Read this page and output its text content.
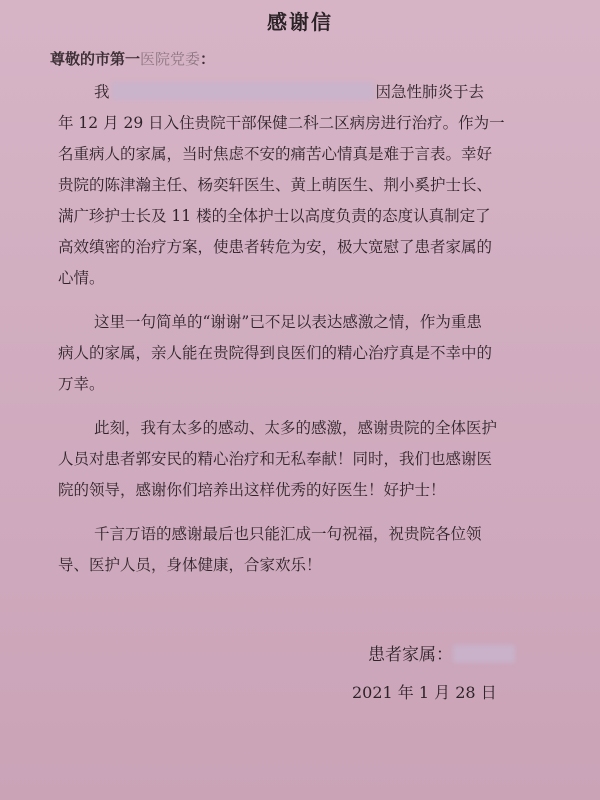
感谢信
尊敬的市第一医院党委：
我	因急性肺炎于去
年 12 月 29 日入住贵院干部保健二科二区病房进行治疗。作为一
名重病人的家属，当时焦虑不安的痛苦心情真是难于言表。幸好
贵院的陈津瀚主任、杨奕轩医生、黄上萌医生、荆小奚护士长、
满广珍护士长及 11 楼的全体护士以高度负责的态度认真制定了
高效缜密的治疗方案，使患者转危为安，极大宽慰了患者家属的
心情。
这里一句简单的“谢谢”已不足以表达感激之情，作为重患
病人的家属，亲人能在贵院得到良医们的精心治疗真是不幸中的
万幸。
此刻，我有太多的感动、太多的感激，感谢贵院的全体医护
人员对患者郭安民的精心治疗和无私奉献！同时，我们也感谢医
院的领导，感谢你们培养出这样优秀的好医生！好护士！
千言万语的感谢最后也只能汇成一句祝福，祝贵院各位领
导、医护人员，身体健康，合家欢乐！
患者家属：
2021 年 1 月 28 日
